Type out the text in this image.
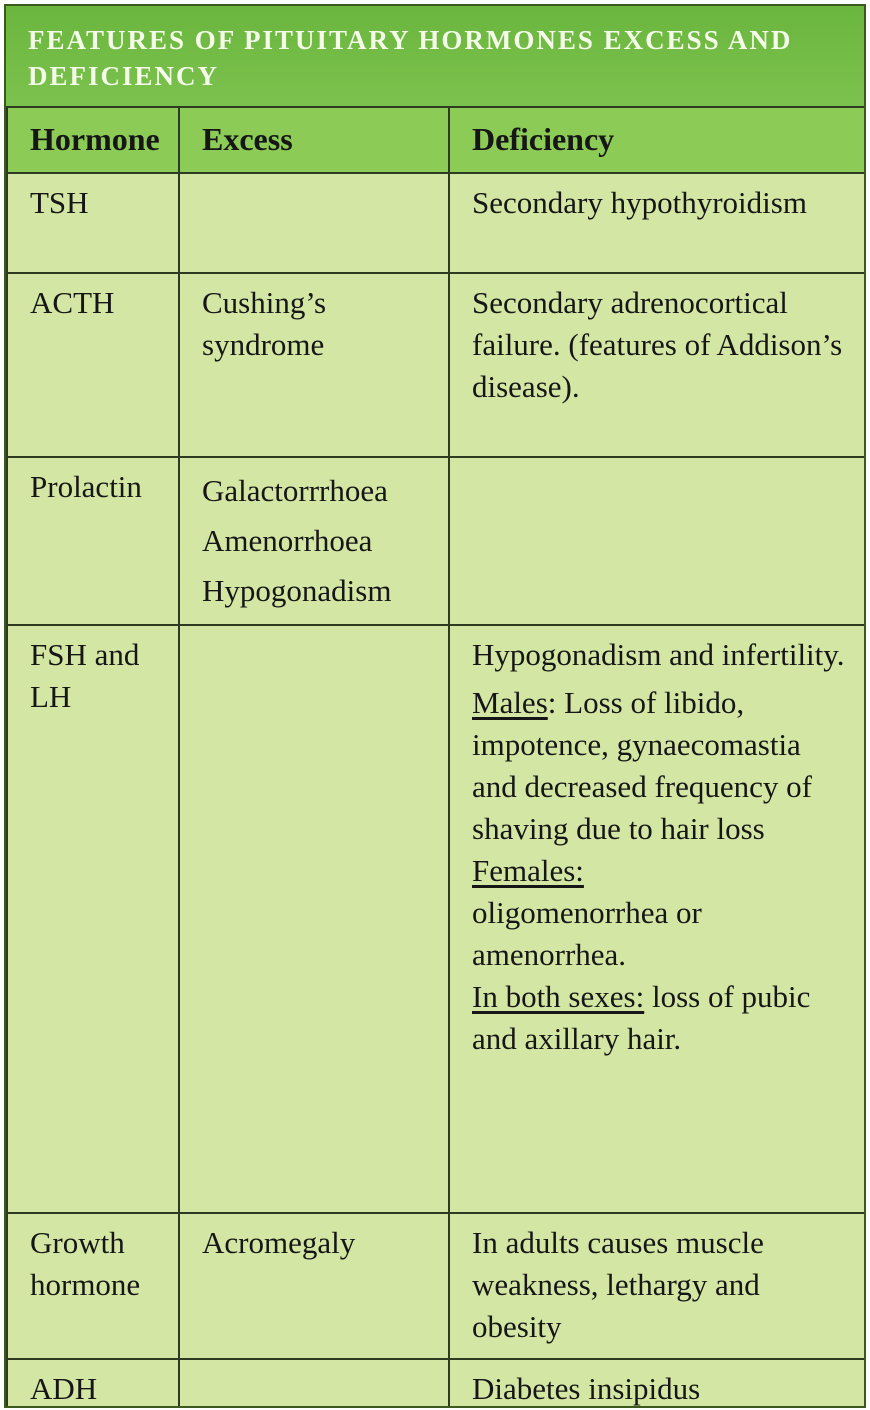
FEATURES OF PITUITARY HORMONES EXCESS AND DEFICIENCY
Hormone	Excess	Deficiency
TSH		Secondary hypothyroidism
ACTH	Cushing’s syndrome	Secondary adrenocortical failure. (features of Addison’s disease).
Prolactin	Galactorrrhoea
Amenorrhoea
Hypogonadism	

FSH and LH		Hypogonadism and infertility.
Males: Loss of libido, impotence, gynaecomastia and decreased frequency of shaving due to hair loss
Females:
oligomenorrhea or amenorrhea.
In both sexes: loss of pubic and axillary hair.

Growth hormone	Acromegaly	In adults causes muscle weakness, lethargy and obesity
ADH		Diabetes insipidus
